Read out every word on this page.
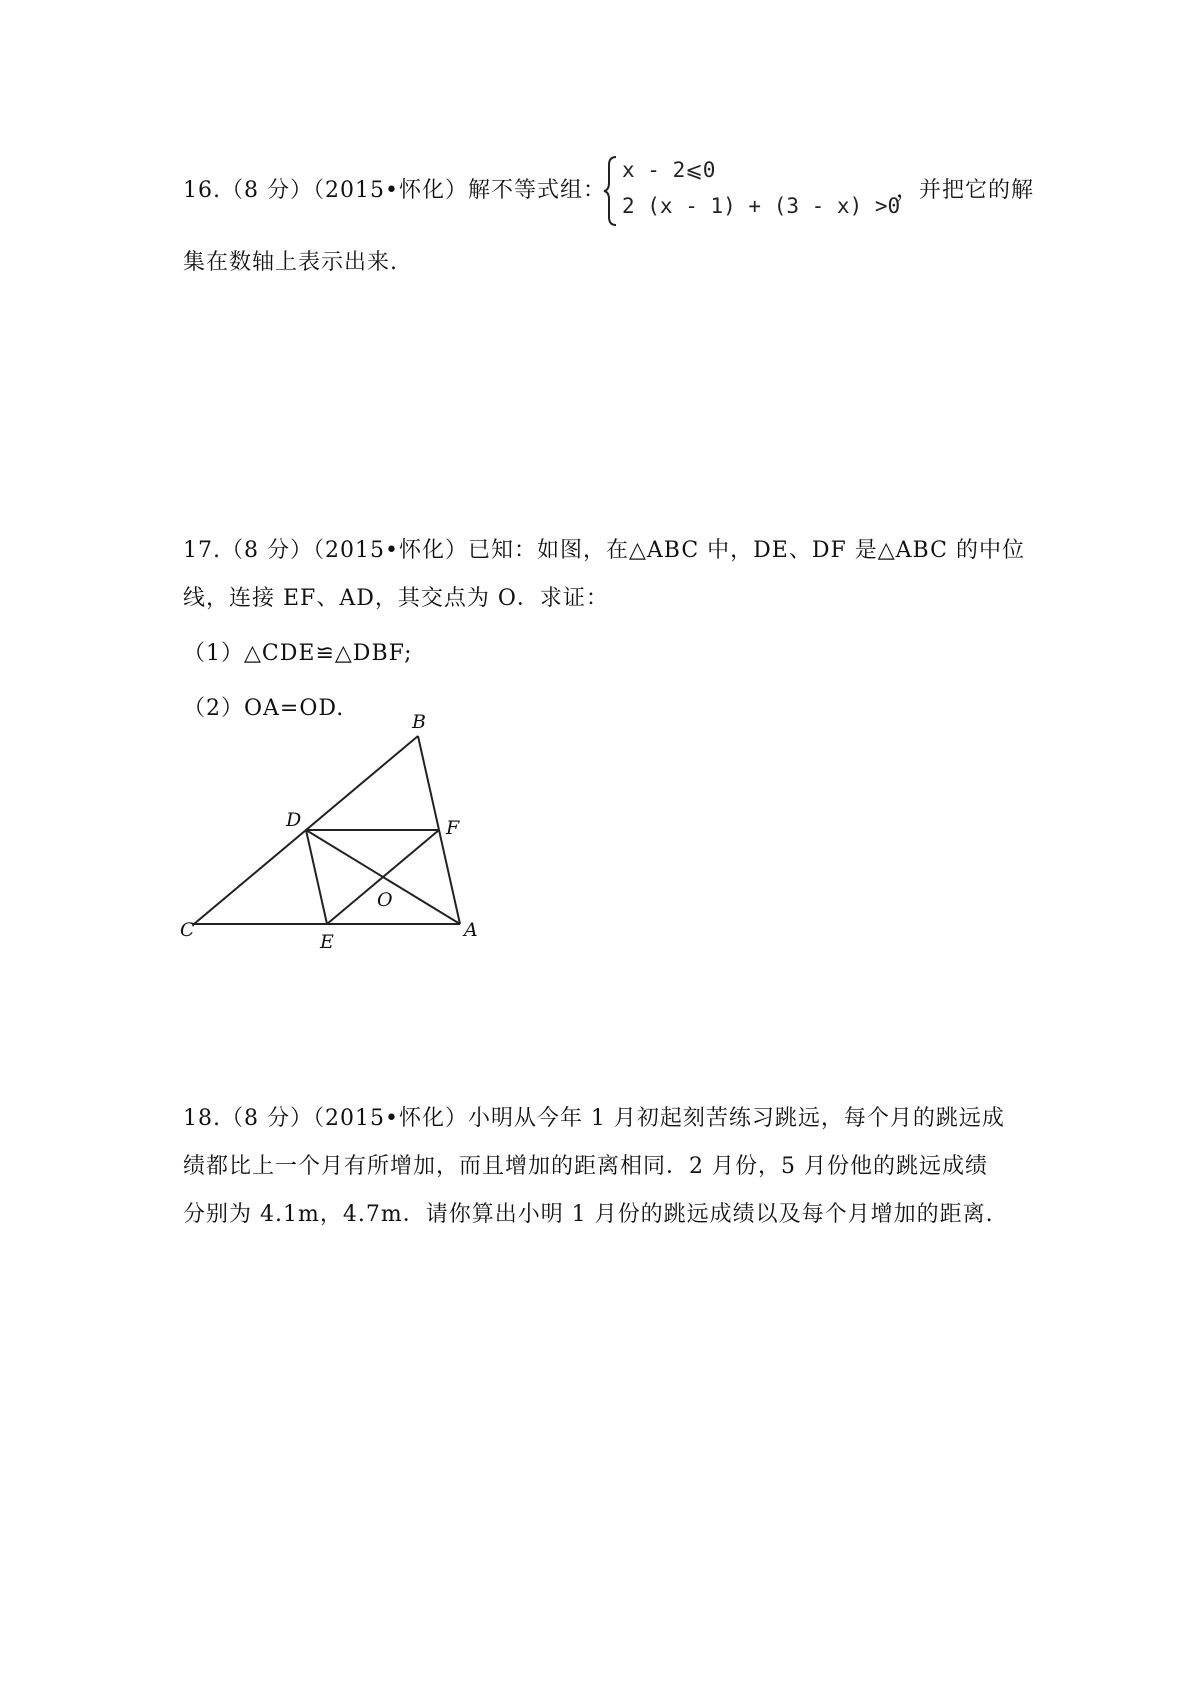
16.（8 分）（2015•怀化）解不等式组：
x - 2⩽0
2 (x - 1) + (3 - x) >0
，并把它的解
集在数轴上表示出来.
17.（8 分）（2015•怀化）已知：如图，在△ABC 中，DE、DF 是△ABC 的中位
线，连接 EF、AD，其交点为 O．求证：
（1）△CDE≌△DBF;
（2）OA=OD.
B
D	F
O
C
E
A
18.（8 分）（2015•怀化）小明从今年 1 月初起刻苦练习跳远，每个月的跳远成
绩都比上一个月有所增加，而且增加的距离相同．2 月份，5 月份他的跳远成绩
分别为 4.1m，4.7m．请你算出小明 1 月份的跳远成绩以及每个月增加的距离.
